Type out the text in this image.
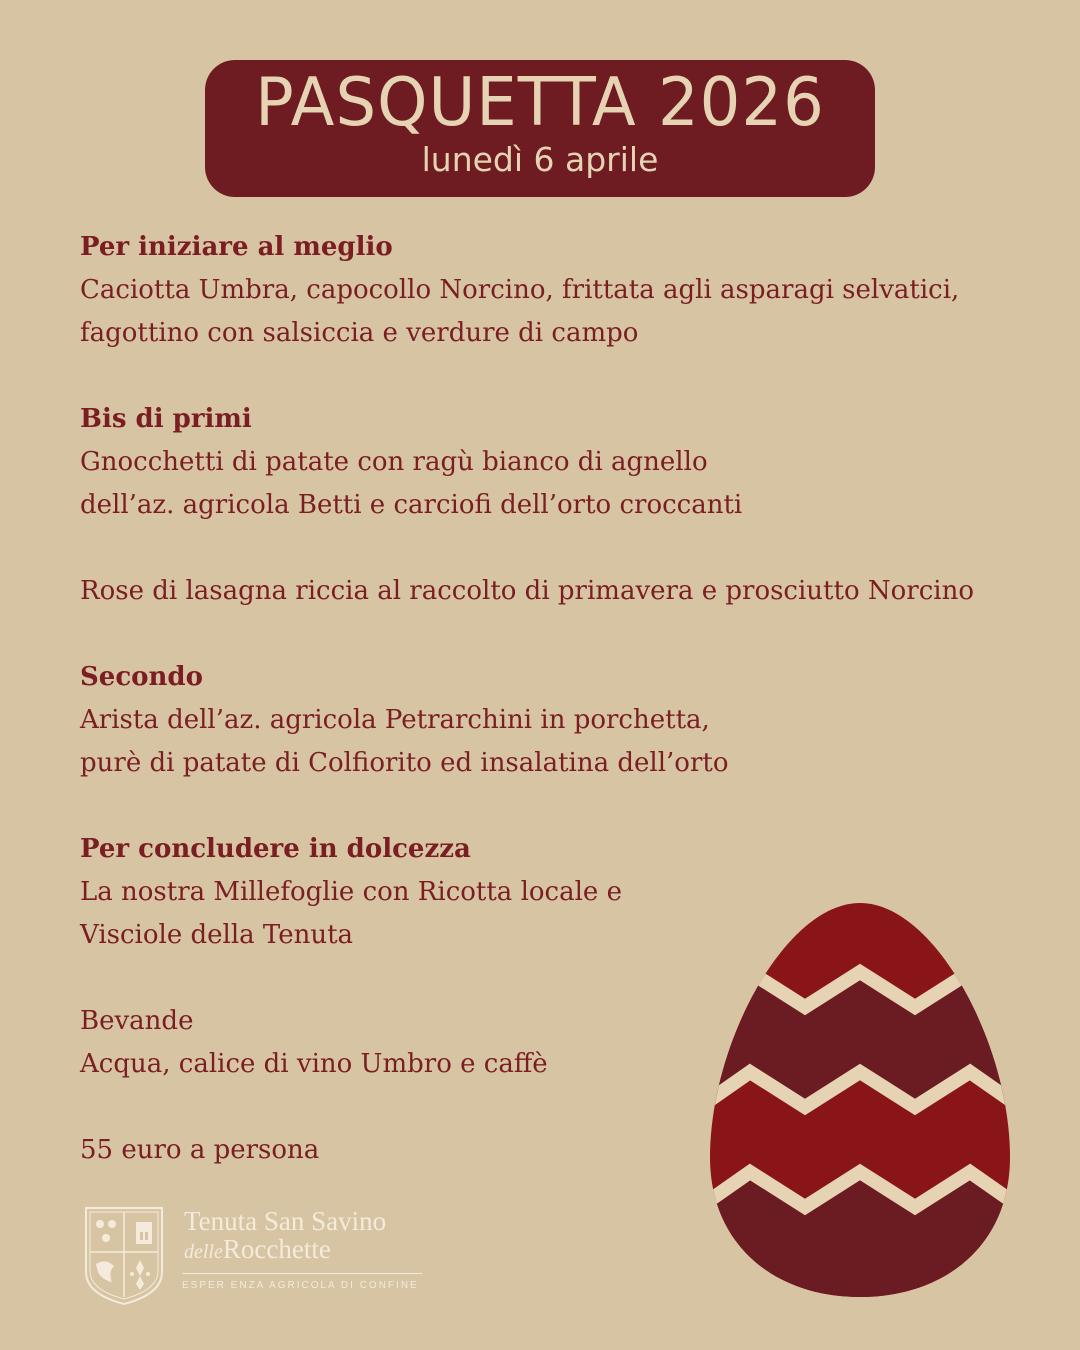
PASQUETTA 2026
lunedì 6 aprile
Per iniziare al meglio
Caciotta Umbra, capocollo Norcino, frittata agli asparagi selvatici,
fagottino con salsiccia e verdure di campo
Bis di primi
Gnocchetti di patate con ragù bianco di agnello
dell’az. agricola Betti e carciofi dell’orto croccanti
Rose di lasagna riccia al raccolto di primavera e prosciutto Norcino
Secondo
Arista dell’az. agricola Petrarchini in porchetta,
purè di patate di Colfiorito ed insalatina dell’orto
Per concludere in dolcezza
La nostra Millefoglie con Ricotta locale e
Visciole della Tenuta
Bevande
Acqua, calice di vino Umbro e caffè
55 euro a persona
Tenuta San Savino
delleRocchette
ESPER ENZA AGRICOLA DI CONFINE
